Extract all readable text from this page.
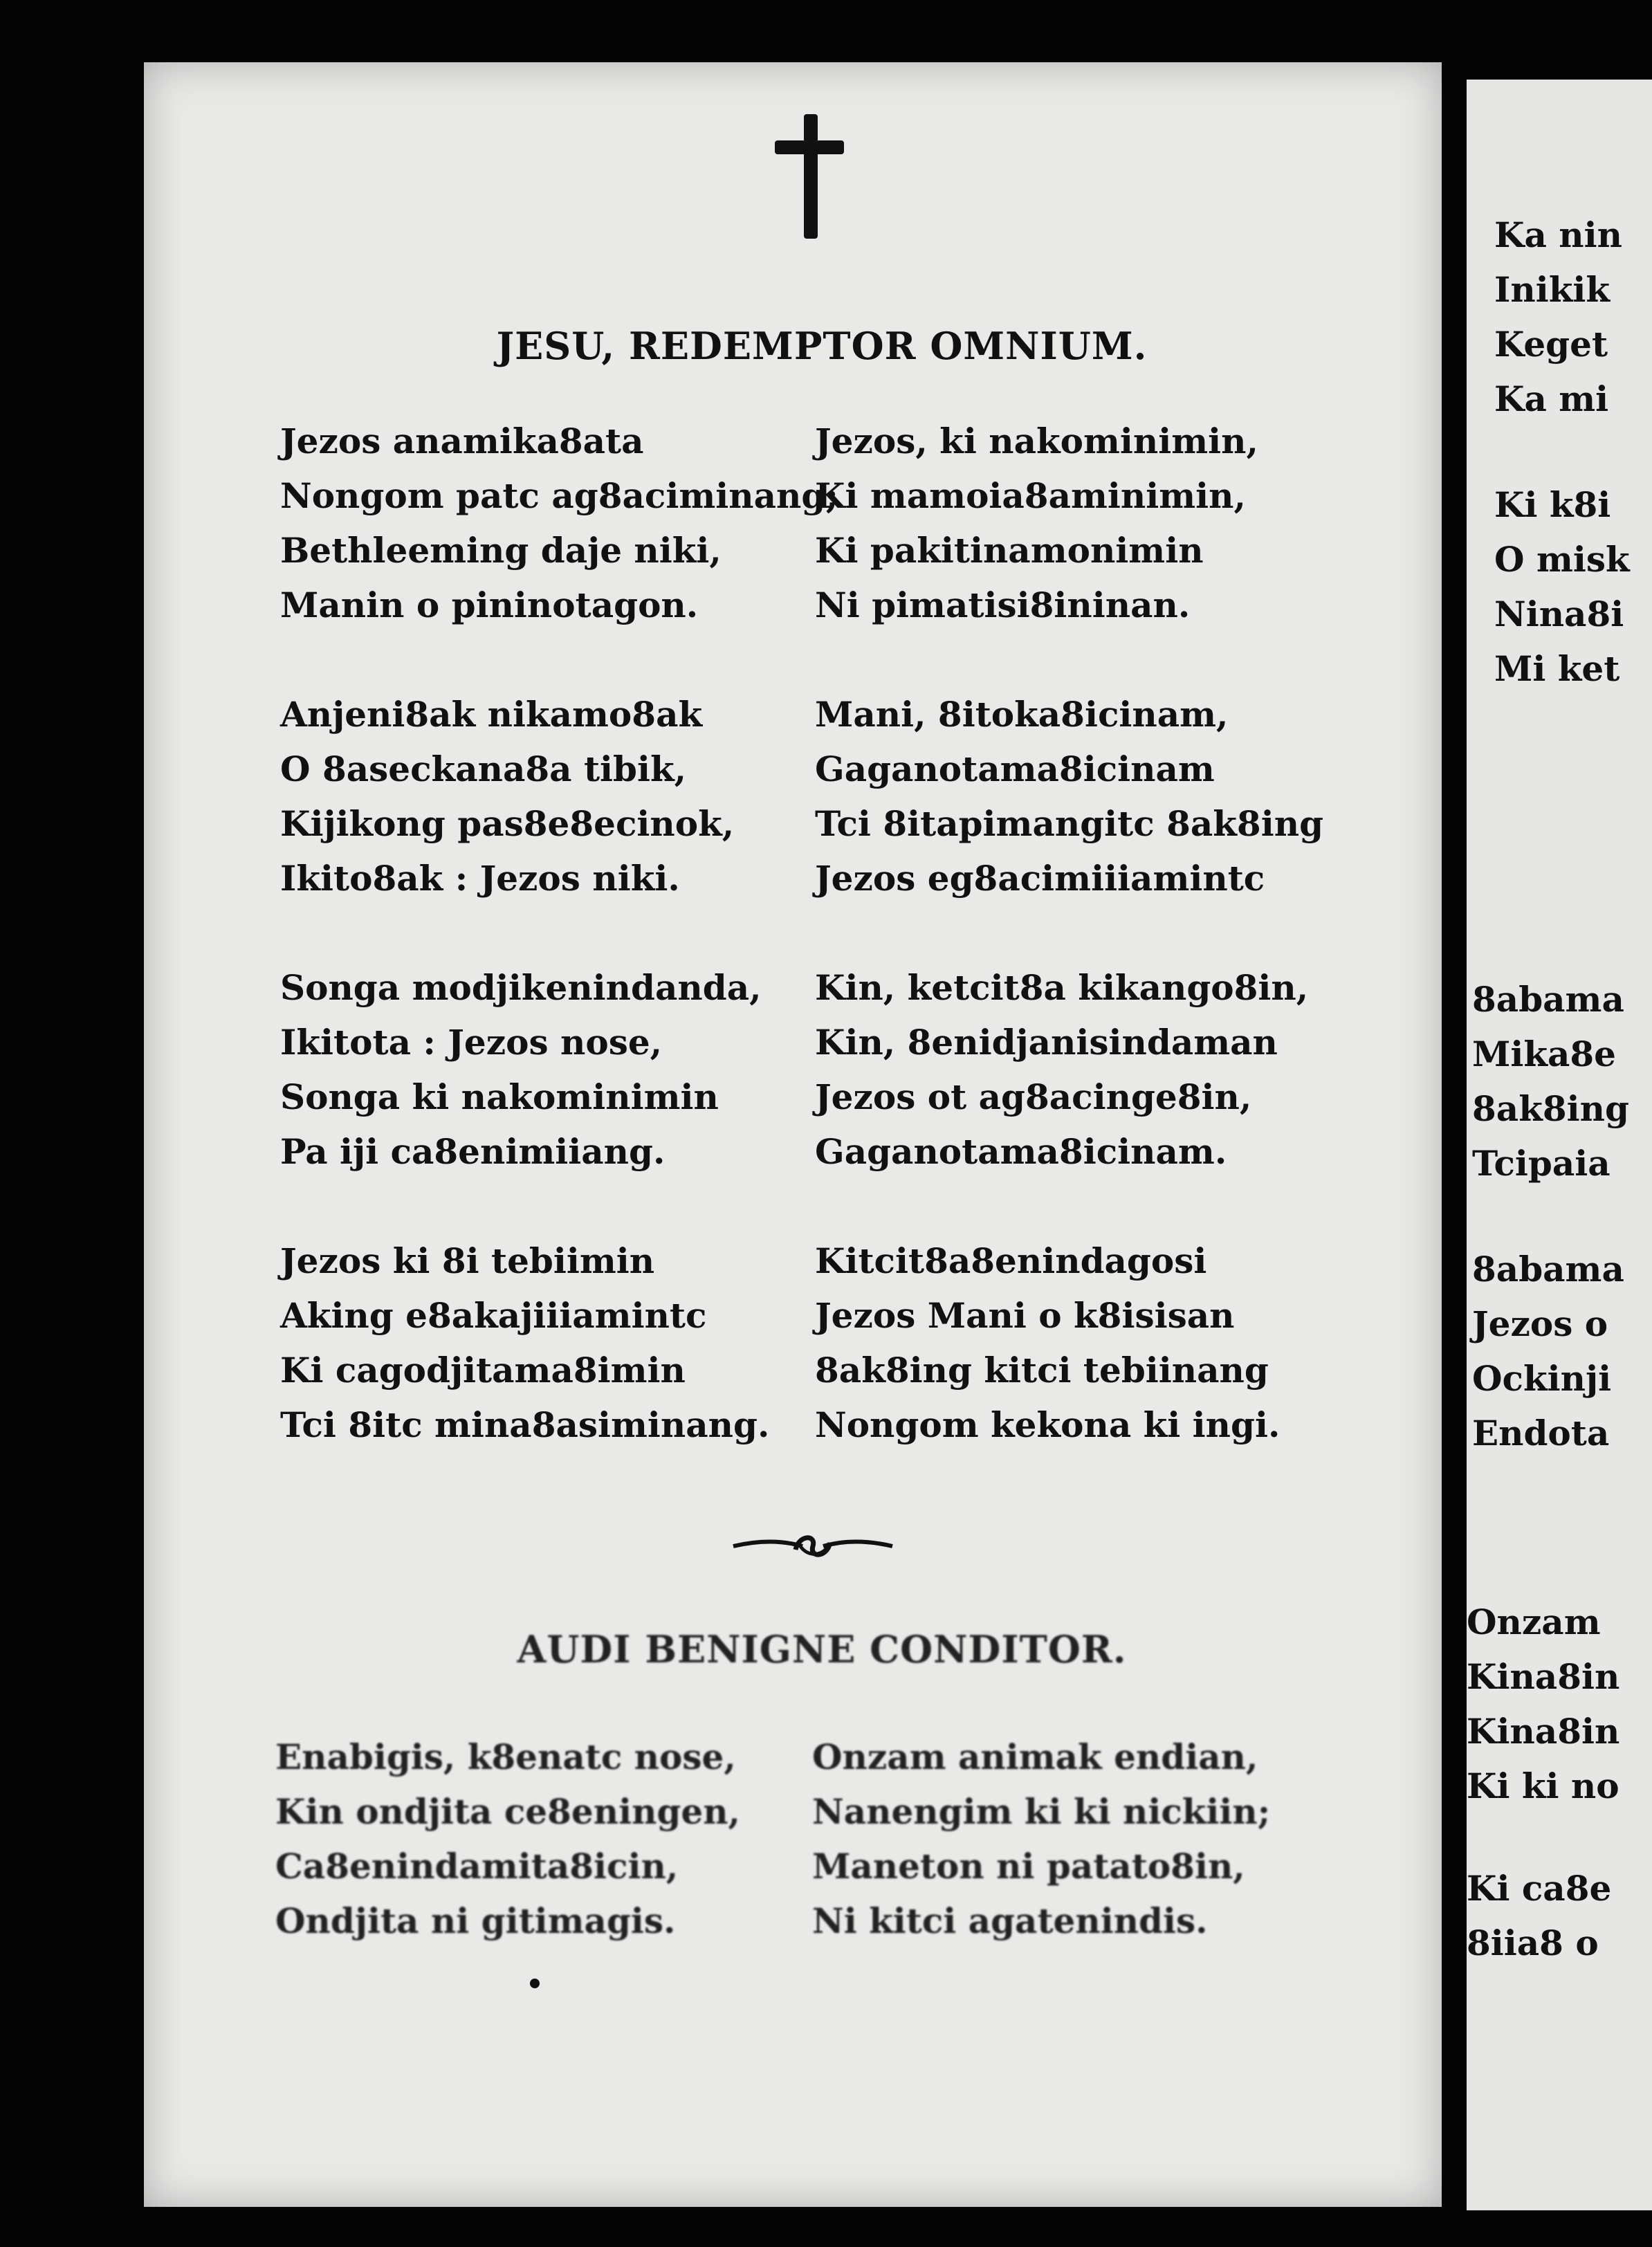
JESU, REDEMPTOR OMNIUM.
Jezos anamika8ata
Nongom patc ag8aciminang;
Bethleeming daje niki,
Manin o pininotagon.
Anjeni8ak nikamo8ak
O 8aseckana8a tibik,
Kijikong pas8e8ecinok,
Ikito8ak : Jezos niki.
Songa modjikenindanda,
Ikitota : Jezos nose,
Songa ki nakominimin
Pa iji ca8enimiiang.
Jezos ki 8i tebiimin
Aking e8akajiiiamintc
Ki cagodjitama8imin
Tci 8itc mina8asiminang.
Jezos, ki nakominimin,
Ki mamoia8aminimin,
Ki pakitinamonimin
Ni pimatisi8ininan.
Mani, 8itoka8icinam,
Gaganotama8icinam
Tci 8itapimangitc 8ak8ing
Jezos eg8acimiiiamintc
Kin, ketcit8a kikango8in,
Kin, 8enidjanisindaman
Jezos ot ag8acinge8in,
Gaganotama8icinam.
Kitcit8a8enindagosi
Jezos Mani o k8isisan
8ak8ing kitci tebiinang
Nongom kekona ki ingi.
AUDI BENIGNE CONDITOR.
Enabigis, k8enatc nose,
Kin ondjita ce8eningen,
Ca8enindamita8icin,
Ondjita ni gitimagis.
Onzam animak endian,
Nanengim ki ki nickiin;
Maneton ni patato8in,
Ni kitci agatenindis.
Ka nin
Inikik
Keget
Ka mi
Ki k8i
O misk
Nina8i
Mi ket
8abama
Mika8e
8ak8ing
Tcipaia
8abama
Jezos o
Ockinji
Endota
Onzam
Kina8in
Kina8in
Ki ki no
Ki ca8e
8iia8 o
